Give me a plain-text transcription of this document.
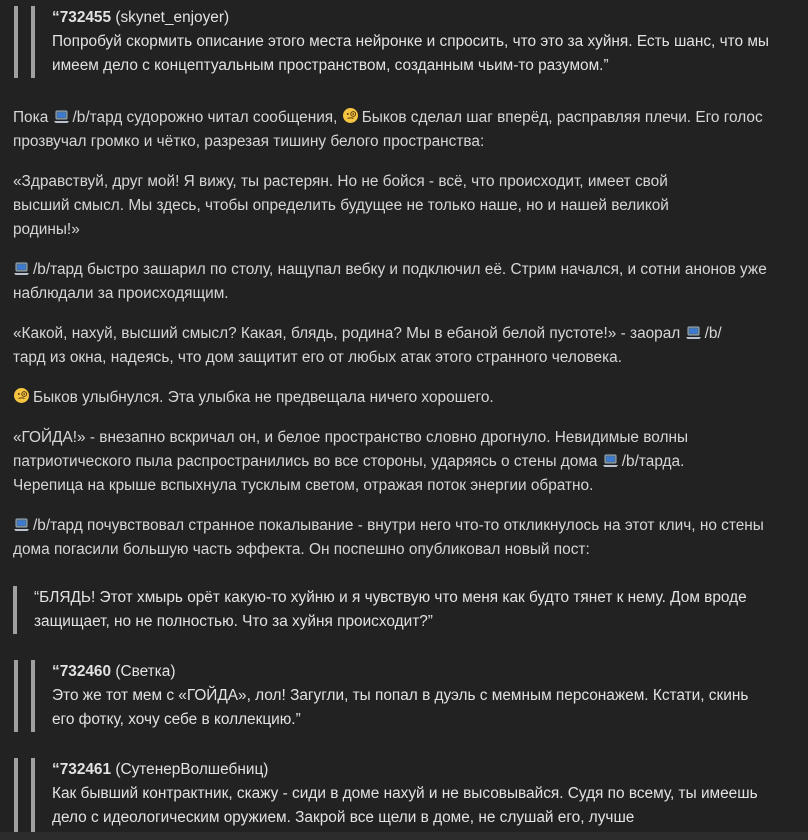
“732455 (skynet_enjoyer)
Попробуй скормить описание этого места нейронке и спросить, что это за хуйня. Есть шанс, что мы имеем дело с концептуальным пространством, созданным чьим-то разумом.”

Пока /b/тард судорожно читал сообщения, Быков сделал шаг вперёд, расправляя плечи. Его голос прозвучал громко и чётко, разрезая тишину белого пространства:

«Здравствуй, друг мой! Я вижу, ты растерян. Но не бойся - всё, что происходит, имеет свой высший смысл. Мы здесь, чтобы определить будущее не только наше, но и нашей великой родины!»

/b/тард быстро зашарил по столу, нащупал вебку и подключил её. Стрим начался, и сотни анонов уже наблюдали за происходящим.

«Какой, нахуй, высший смысл? Какая, блядь, родина? Мы в ебаной белой пустоте!» - заорал /b/тард из окна, надеясь, что дом защитит его от любых атак этого странного человека.

Быков улыбнулся. Эта улыбка не предвещала ничего хорошего.

«ГОЙДА!» - внезапно вскричал он, и белое пространство словно дрогнуло. Невидимые волны патриотического пыла распространились во все стороны, ударяясь о стены дома /b/тарда. Черепица на крыше вспыхнула тусклым светом, отражая поток энергии обратно.

/b/тард почувствовал странное покалывание - внутри него что-то откликнулось на этот клич, но стены дома погасили большую часть эффекта. Он поспешно опубликовал новый пост:

“БЛЯДЬ! Этот хмырь орёт какую-то хуйню и я чувствую что меня как будто тянет к нему. Дом вроде защищает, но не полностью. Что за хуйня происходит?”
“732460 (Светка)
Это же тот мем с «ГОЙДА», лол! Загугли, ты попал в дуэль с мемным персонажем. Кстати, скинь его фотку, хочу себе в коллекцию.”
“732461 (СутенерВолшебниц)
Как бывший контрактник, скажу - сиди в доме нахуй и не высовывайся. Судя по всему, ты имеешь дело с идеологическим оружием. Закрой все щели в доме, не слушай его, лучше
